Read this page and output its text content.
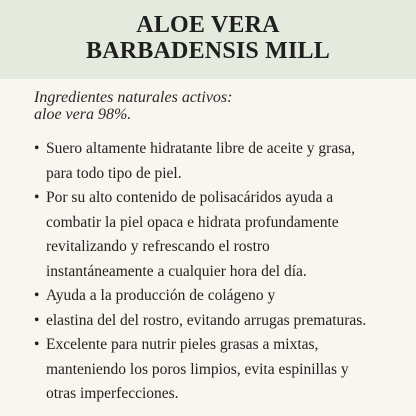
ALOE VERA
BARBADENSIS MILL
Ingredientes naturales activos:
aloe vera 98%.
• Suero altamente hidratante libre de aceite y grasa,
para todo tipo de piel.
• Por su alto contenido de polisacáridos ayuda a
combatir la piel opaca e hidrata profundamente
revitalizando y refrescando el rostro
instantáneamente a cualquier hora del día.
• Ayuda a la producción de colágeno y
• elastina del del rostro, evitando arrugas prematuras.
• Excelente para nutrir pieles grasas a mixtas,
manteniendo los poros limpios, evita espinillas y
otras imperfecciones.
